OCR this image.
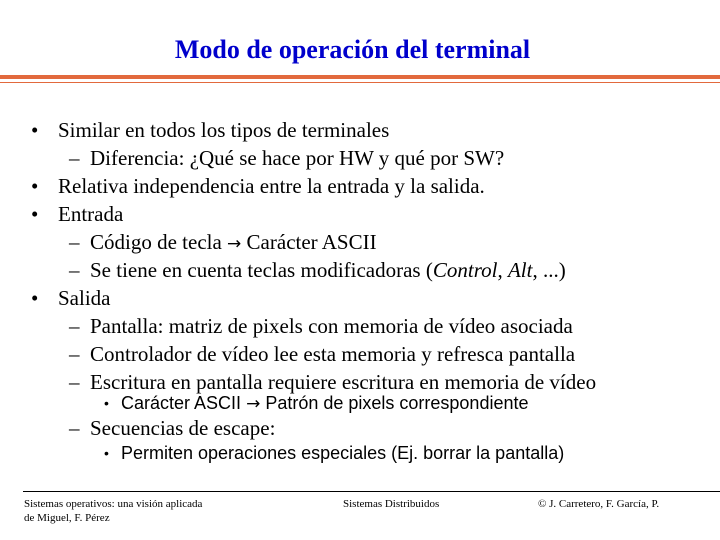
Modo de operación del terminal
• Similar en todos los tipos de terminales
– Diferencia: ¿Qué se hace por HW y qué por SW?
• Relativa independencia entre la entrada y la salida.
• Entrada
– Código de tecla → Carácter ASCII
– Se tiene en cuenta teclas modificadoras (Control, Alt, ...)
• Salida
– Pantalla: matriz de pixels con memoria de vídeo asociada
– Controlador de vídeo lee esta memoria y refresca pantalla
– Escritura en pantalla requiere escritura en memoria de vídeo
• Carácter ASCII → Patrón de pixels correspondiente
– Secuencias de escape:
• Permiten operaciones especiales (Ej. borrar la pantalla)
Sistemas operativos: una visión aplicada
de Miguel, F. Pérez
Sistemas Distribuidos	© J. Carretero, F. García, P.
